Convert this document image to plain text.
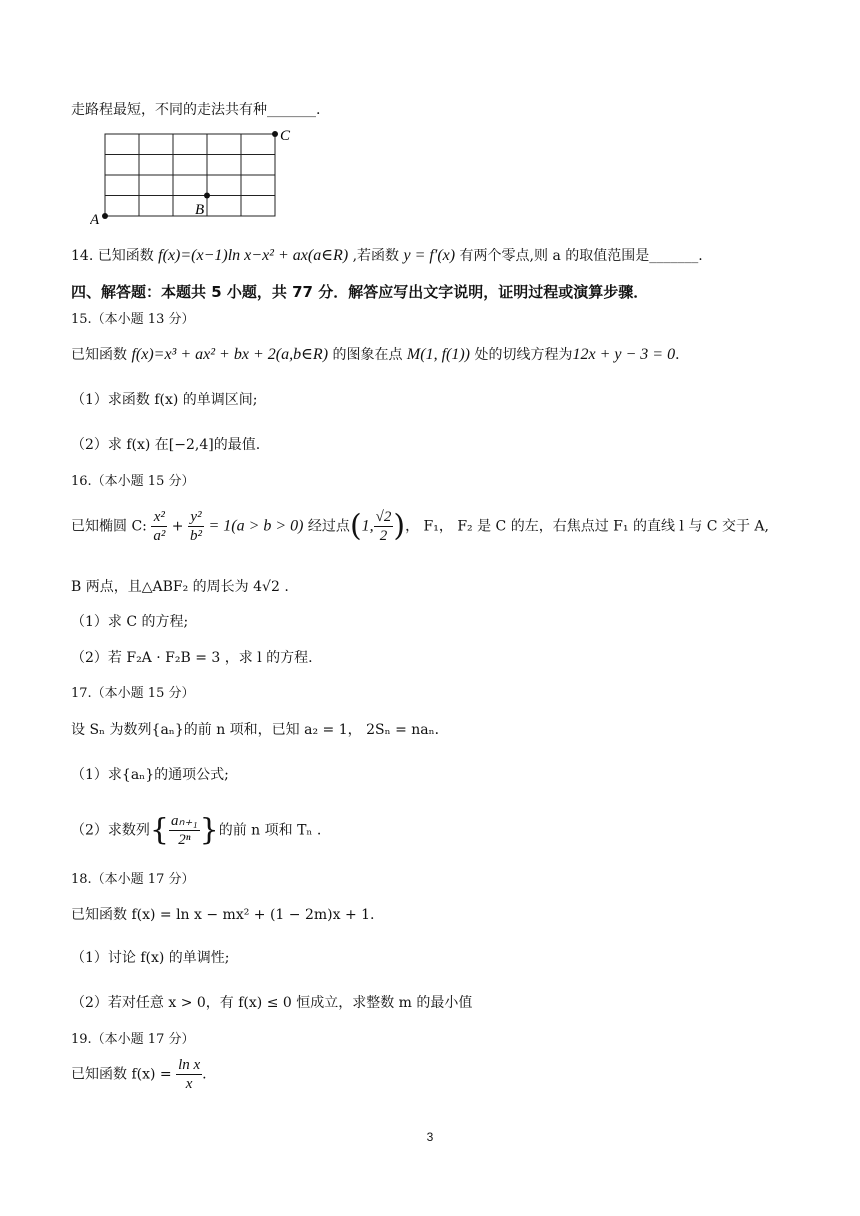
走路程最短，不同的走法共有种_______.
A
B
C
14. 已知函数 f(x)=(x−1)ln x−x² + ax(a∈R) ,若函数 y = f′(x) 有两个零点,则 a 的取值范围是_______.
四、解答题：本题共 5 小题，共 77 分．解答应写出文字说明，证明过程或演算步骤．
15.（本小题 13 分）
已知函数 f(x)=x³ + ax² + bx + 2(a,b∈R) 的图象在点 M(1, f(1)) 处的切线方程为12x + y − 3 = 0．
（1）求函数 f(x) 的单调区间;
（2）求 f(x) 在[−2,4]的最值.
16.（本小题 15 分）
已知椭圆 C: $\frac{\text{x²}}{\text{a²}} + \frac{\text{y²}}{\text{b²}} = 1(a > b > 0)$ 经过点(1, $\frac{√2}{2}$ )， F₁， F₂ 是 C 的左，右焦点过 F₁ 的直线 l 与 C 交于 A,
B 两点，且△ABF₂ 的周长为 4√2 .
（1）求 C 的方程;
（2）若 F₂A · F₂B = 3 ，求 l 的方程.
17.（本小题 15 分）
设 Sₙ 为数列{aₙ}的前 n 项和，已知 a₂ = 1， 2Sₙ = naₙ．
（1）求{aₙ}的通项公式;
（2）求数列{ $\frac{\text{aₙ₊₁}}{\text{2ⁿ}}$ }的前 n 项和 Tₙ .
18.（本小题 17 分）
已知函数 f(x) = ln x − mx² + (1 − 2m)x + 1.
（1）讨论 f(x) 的单调性;
（2）若对任意 x > 0，有 f(x) ≤ 0 恒成立，求整数 m 的最小值
19.（本小题 17 分）
已知函数 $f(x) = \frac{\text{ln x}}{x}$ .
3
